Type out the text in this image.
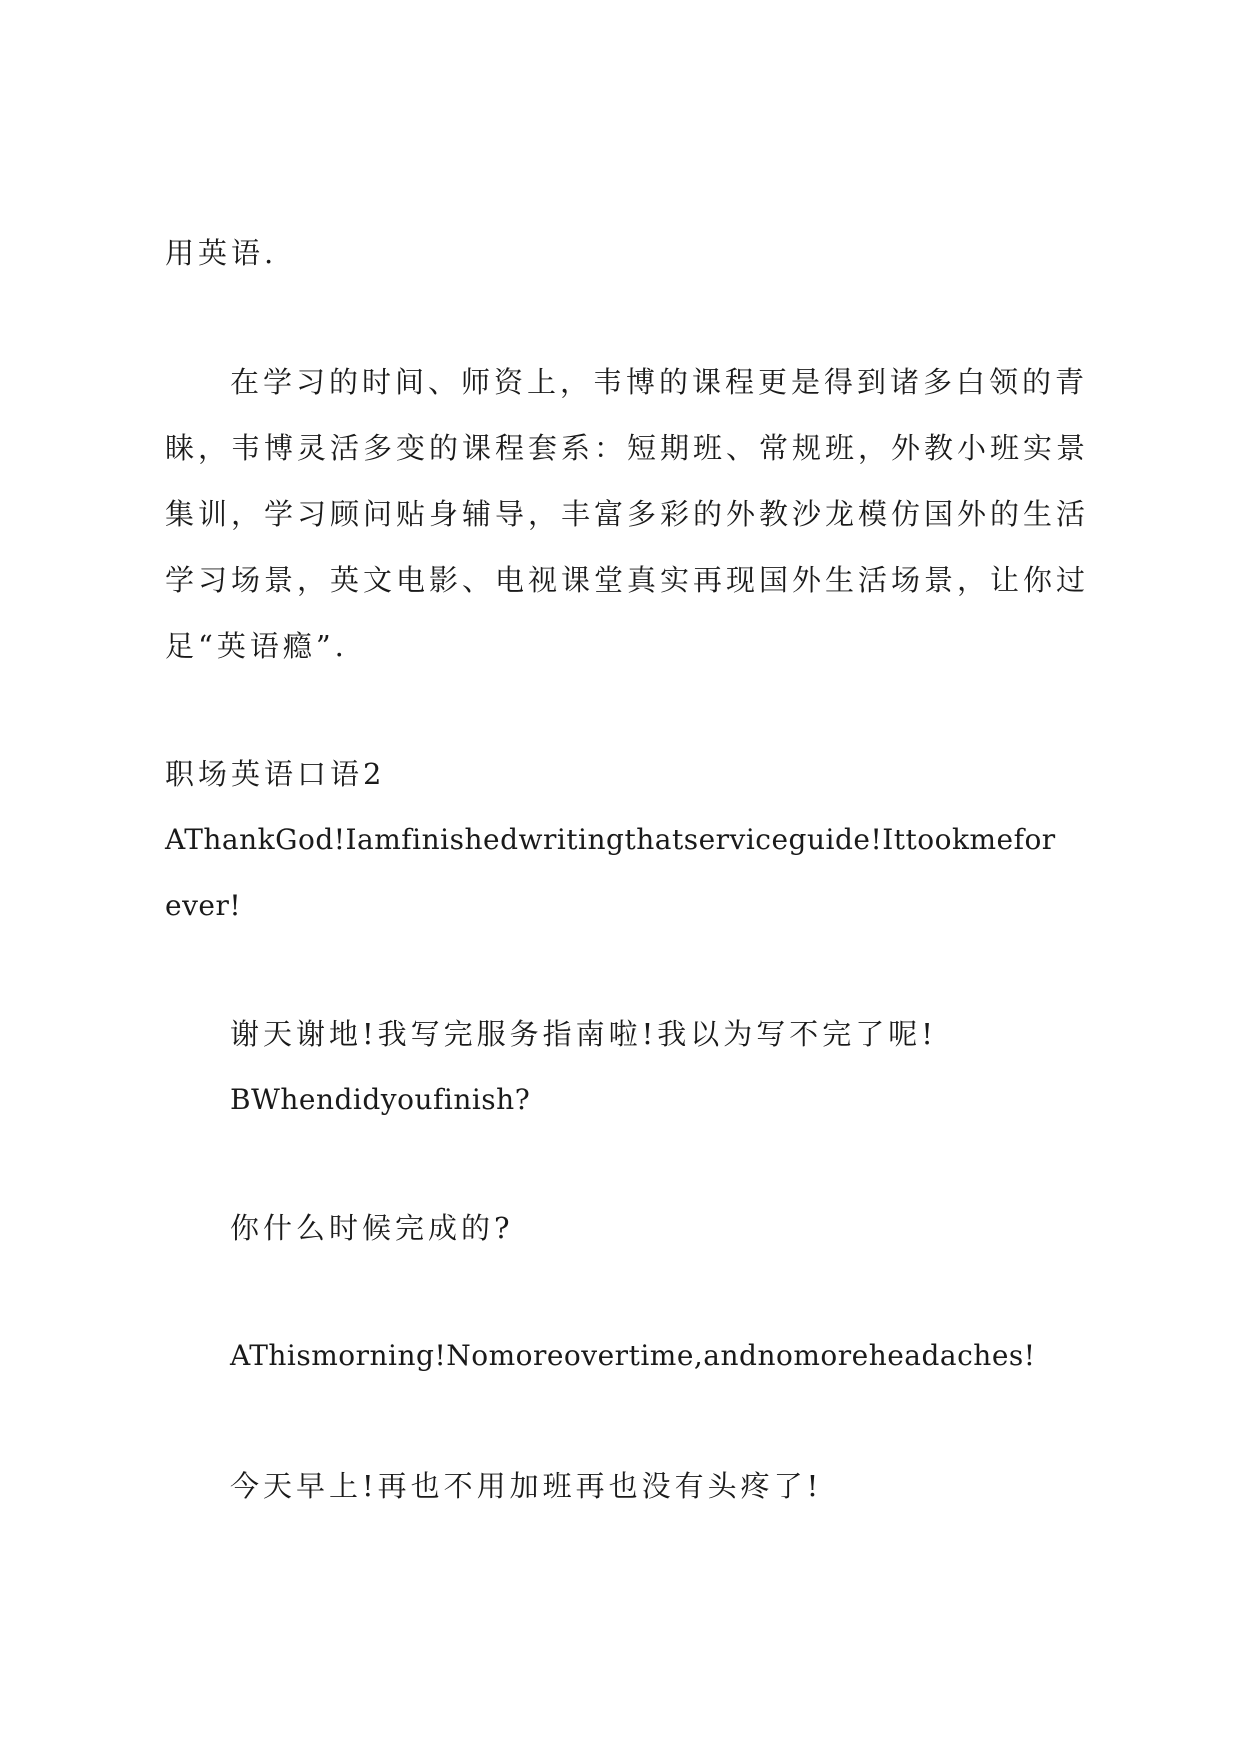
用英语.
在学习的时间、师资上，韦博的课程更是得到诸多白领的青
睐，韦博灵活多变的课程套系：短期班、常规班，外教小班实景
集训，学习顾问贴身辅导，丰富多彩的外教沙龙模仿国外的生活
学习场景，英文电影、电视课堂真实再现国外生活场景，让你过
足“英语瘾”.
职场英语口语2
AThankGod!Iamfinishedwritingthatserviceguide!Ittookmefor
ever!
谢天谢地!我写完服务指南啦!我以为写不完了呢!
BWhendidyoufinish?
你什么时候完成的?
AThismorning!Nomoreovertime,andnomoreheadaches!
今天早上!再也不用加班再也没有头疼了!
